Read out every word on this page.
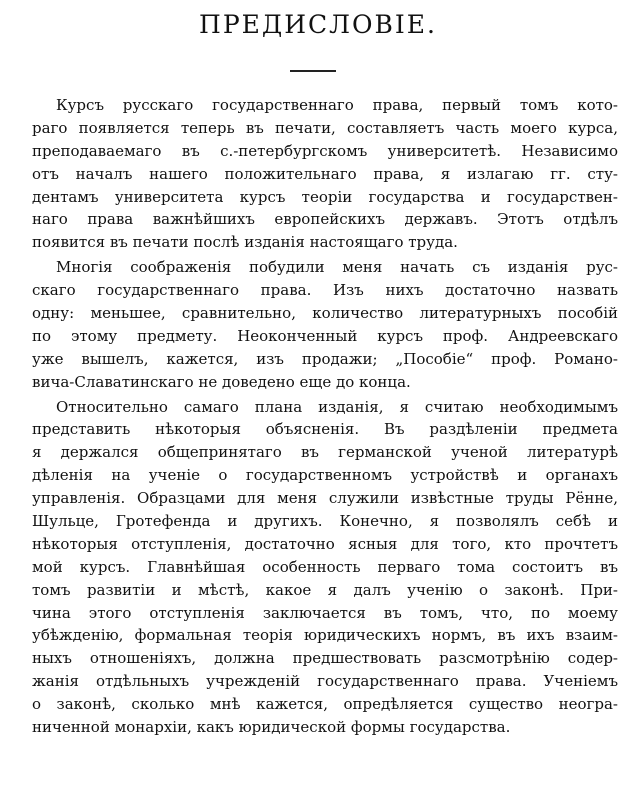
ПРЕДИСЛОВІЕ.
Курсъ русскаго государственнаго права, первый томъ кото-
раго появляется теперь въ печати, составляетъ часть моего курса,
преподаваемаго въ с.-петербургскомъ университетѣ. Независимо
отъ началъ нашего положительнаго права, я излагаю гг. сту-
дентамъ университета курсъ теоріи государства и государствен-
наго права важнѣйшихъ европейскихъ державъ. Этотъ отдѣлъ
появится въ печати послѣ изданія настоящаго труда.
Многія соображенія побудили меня начать съ изданія рус-
скаго государственнаго права. Изъ нихъ достаточно назвать
одну: меньшее, сравнительно, количество литературныхъ пособій
по этому предмету. Неоконченный курсъ проф. Андреевскаго
уже вышелъ, кажется, изъ продажи; „Пособіе“ проф. Романо-
вича-Славатинскаго не доведено еще до конца.
Относительно самаго плана изданія, я считаю необходимымъ
представить нѣкоторыя объясненія. Въ раздѣленіи предмета
я держался общепринятаго въ германской ученой литературѣ
дѣленія на ученіе о государственномъ устройствѣ и органахъ
управленія. Образцами для меня служили извѣстные труды Рённе,
Шульце, Гротефенда и другихъ. Конечно, я позволялъ себѣ и
нѣкоторыя отступленія, достаточно ясныя для того, кто прочтетъ
мой курсъ. Главнѣйшая особенность перваго тома состоитъ въ
томъ развитіи и мѣстѣ, какое я далъ ученію о законѣ. При-
чина этого отступленія заключается въ томъ, что, по моему
убѣжденію, формальная теорія юридическихъ нормъ, въ ихъ взаим-
ныхъ отношеніяхъ, должна предшествовать разсмотрѣнію содер-
жанія отдѣльныхъ учрежденій государственнаго права. Ученіемъ
о законѣ, сколько мнѣ кажется, опредѣляется существо неогра-
ниченной монархіи, какъ юридической формы государства.
